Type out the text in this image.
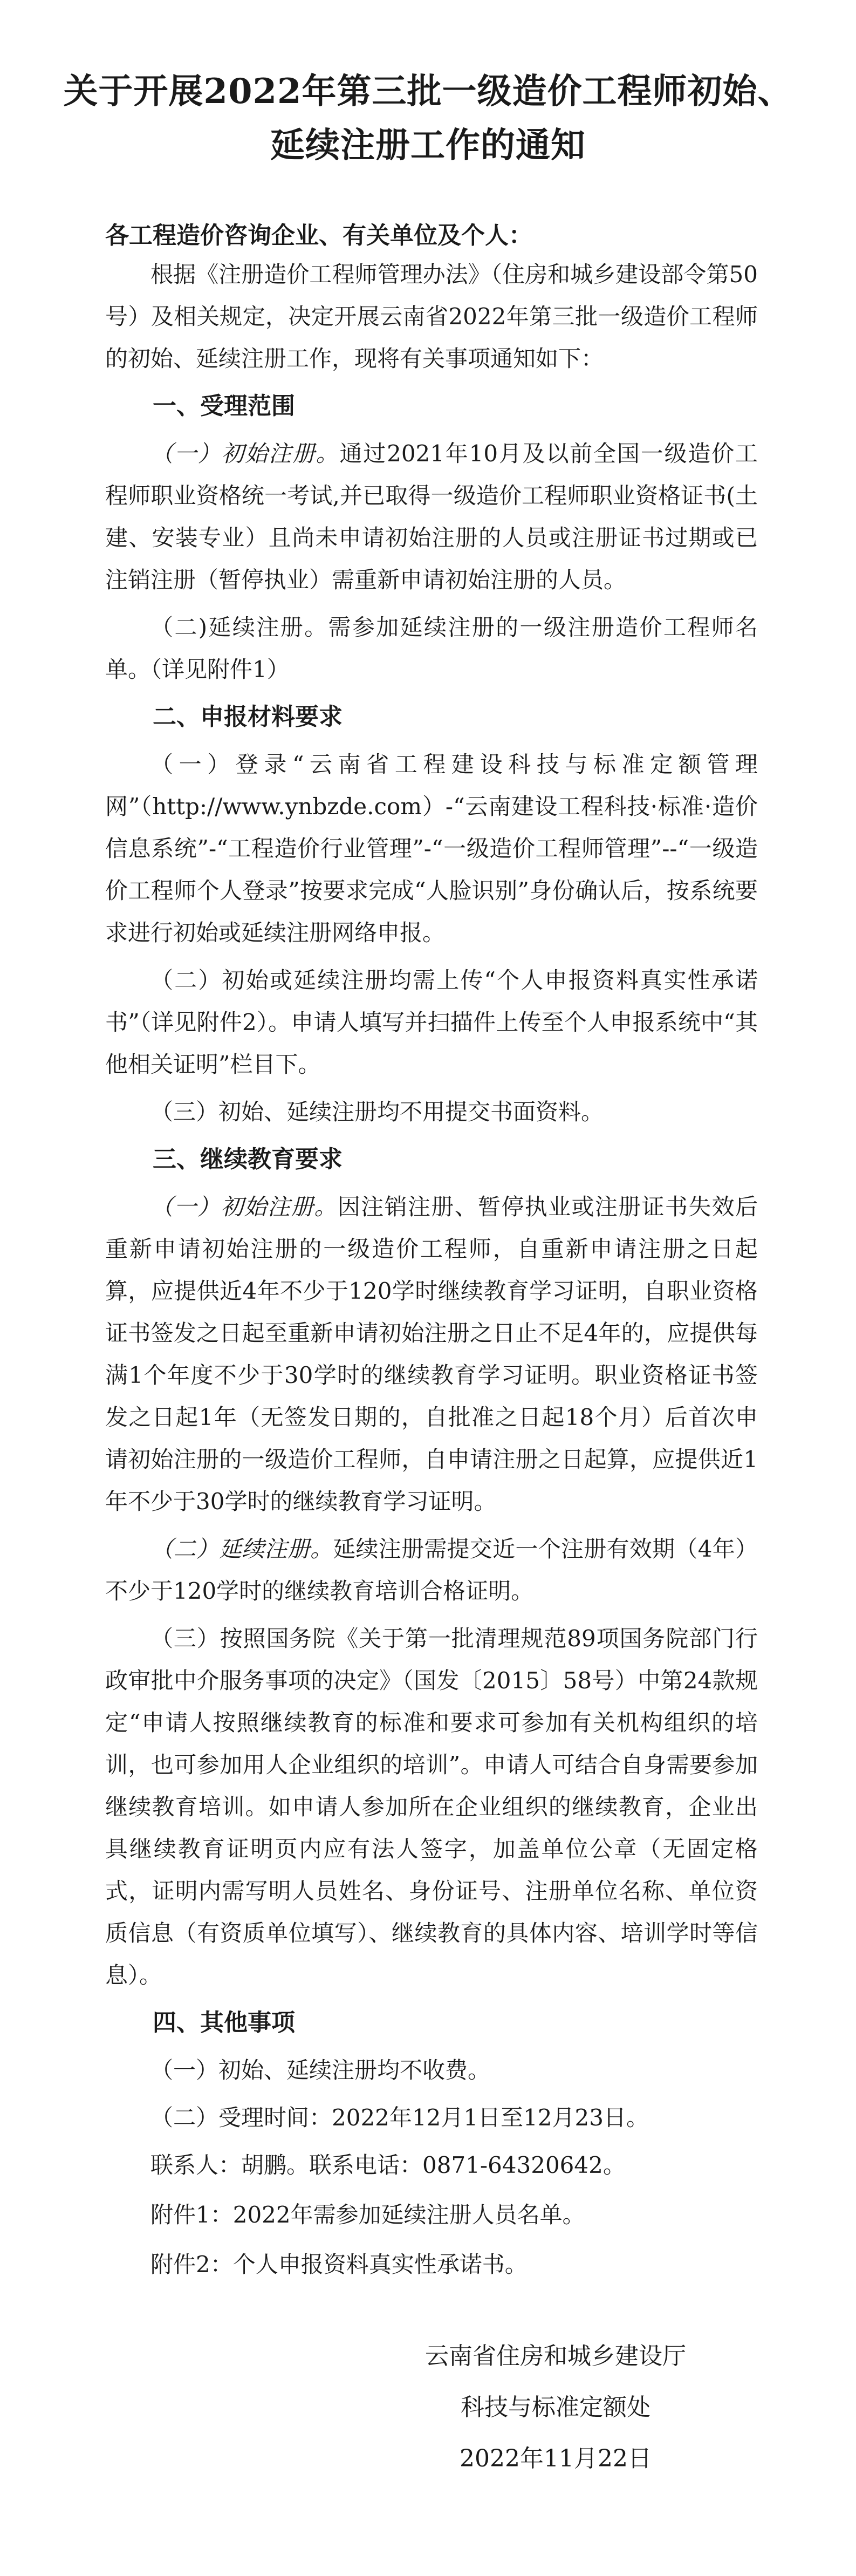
关于开展2022年第三批一级造价工程师初始、
延续注册工作的通知
各工程造价咨询企业、有关单位及个人：

根据《注册造价工程师管理办法》（住房和城乡建设部令第50号）及相关规定，决定开展云南省2022年第三批一级造价工程师的初始、延续注册工作，现将有关事项通知如下：

一、受理范围

（一）初始注册。通过2021年10月及以前全国一级造价工程师职业资格统一考试,并已取得一级造价工程师职业资格证书(土建、安装专业）且尚未申请初始注册的人员或注册证书过期或已注销注册（暂停执业）需重新申请初始注册的人员。

（二)延续注册。需参加延续注册的一级注册造价工程师名单。（详见附件1）

二、申报材料要求

（一）登录“云南省工程建设科技与标准定额管理网”（http://www.ynbzde.com）-“云南建设工程科技·标准·造价信息系统”-“工程造价行业管理”-“一级造价工程师管理”--“一级造价工程师个人登录”按要求完成“人脸识别”身份确认后，按系统要求进行初始或延续注册网络申报。

（二）初始或延续注册均需上传“个人申报资料真实性承诺书”（详见附件2）。申请人填写并扫描件上传至个人申报系统中“其他相关证明”栏目下。

（三）初始、延续注册均不用提交书面资料。

三、继续教育要求

（一）初始注册。因注销注册、暂停执业或注册证书失效后重新申请初始注册的一级造价工程师，自重新申请注册之日起算，应提供近4年不少于120学时继续教育学习证明，自职业资格证书签发之日起至重新申请初始注册之日止不足4年的，应提供每满1个年度不少于30学时的继续教育学习证明。职业资格证书签发之日起1年（无签发日期的，自批准之日起18个月）后首次申请初始注册的一级造价工程师，自申请注册之日起算，应提供近1年不少于30学时的继续教育学习证明。

（二）延续注册。延续注册需提交近一个注册有效期（4年）不少于120学时的继续教育培训合格证明。

（三）按照国务院《关于第一批清理规范89项国务院部门行政审批中介服务事项的决定》（国发〔2015〕58号）中第24款规定“申请人按照继续教育的标准和要求可参加有关机构组织的培训，也可参加用人企业组织的培训”。申请人可结合自身需要参加继续教育培训。如申请人参加所在企业组织的继续教育，企业出具继续教育证明页内应有法人签字，加盖单位公章（无固定格式，证明内需写明人员姓名、身份证号、注册单位名称、单位资质信息（有资质单位填写）、继续教育的具体内容、培训学时等信息）。

四、其他事项

（一）初始、延续注册均不收费。

（二）受理时间：2022年12月1日至12月23日。

联系人：胡鹏。联系电话：0871-64320642。

附件1：2022年需参加延续注册人员名单。

附件2：个人申报资料真实性承诺书。

云南省住房和城乡建设厅
科技与标准定额处
2022年11月22日
